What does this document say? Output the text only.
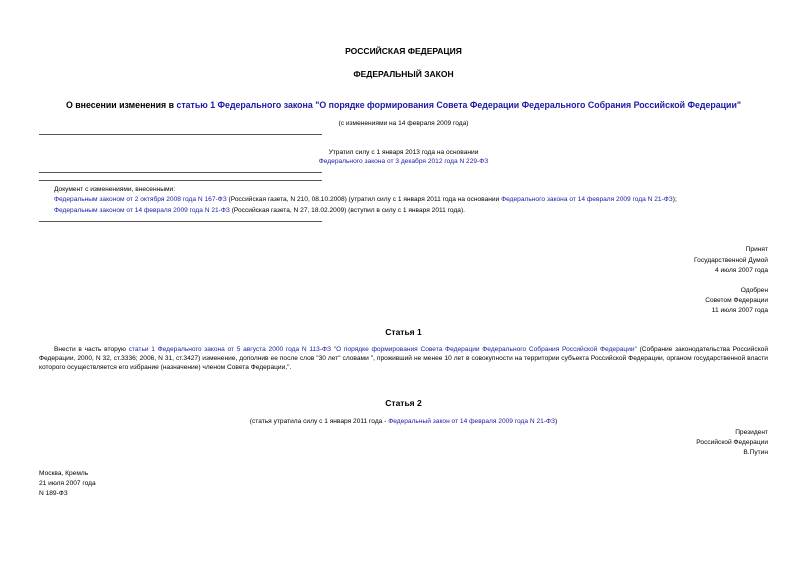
РОССИЙСКАЯ ФЕДЕРАЦИЯ
ФЕДЕРАЛЬНЫЙ ЗАКОН
О внесении изменения в статью 1 Федерального закона "О порядке формирования Совета Федерации Федерального Собрания Российской Федерации"
(с изменениями на 14 февраля 2009 года)
Утратил силу с 1 января 2013 года на основании
Федерального закона от 3 декабря 2012 года N 229-ФЗ
Документ с изменениями, внесенными:
Федеральным законом от 2 октября 2008 года N 167-ФЗ (Российская газета, N 210, 08.10.2008) (утратил силу с 1 января 2011 года на основании Федерального закона от 14 февраля 2009 года N 21-ФЗ);
Федеральным законом от 14 февраля 2009 года N 21-ФЗ (Российская газета, N 27, 18.02.2009) (вступил в силу с 1 января 2011 года).
Принят
Государственной Думой
4 июля 2007 года
Одобрен
Советом Федерации
11 июля 2007 года
Статья 1
Внести в часть вторую статьи 1 Федерального закона от 5 августа 2000 года N 113-ФЗ "О порядке формирования Совета Федерации Федерального Собрания Российской Федерации" (Собрание законодательства Российской Федерации, 2000, N 32, ст.3336; 2006, N 31, ст.3427) изменение, дополнив ее после слов "30 лет" словами ", проживший не менее 10 лет в совокупности на территории субъекта Российской Федерации, органом государственной власти которого осуществляется его избрание (назначение) членом Совета Федерации,".
Статья 2
(статья утратила силу с 1 января 2011 года - Федеральный закон от 14 февраля 2009 года N 21-ФЗ)
Президент
Российской Федерации
В.Путин
Москва, Кремль
21 июля 2007 года
N 189-ФЗ
